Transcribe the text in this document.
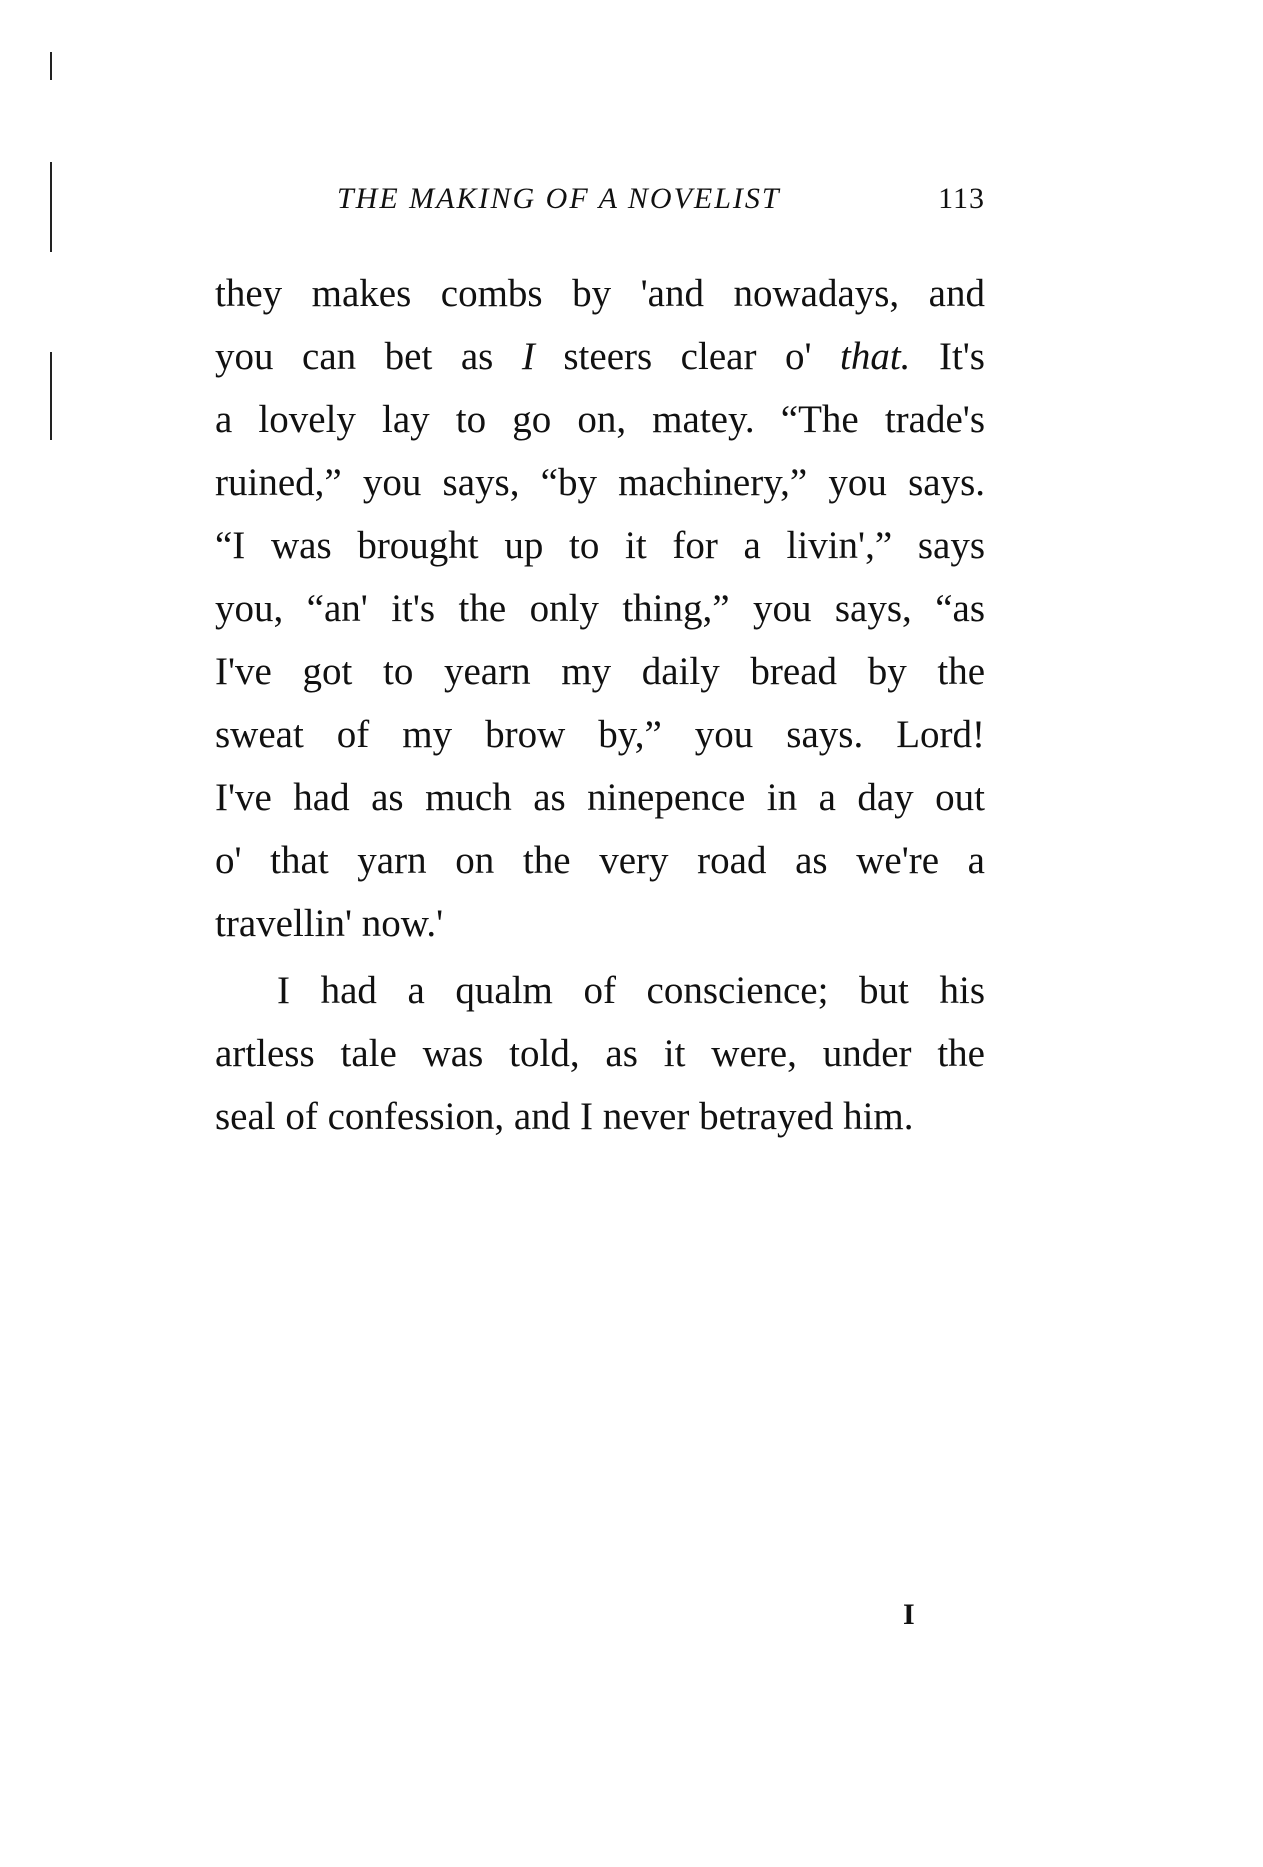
THE MAKING OF A NOVELIST	113
they makes combs by 'and nowadays, and
you can bet as I steers clear o' that. It's
a lovely lay to go on, matey. “The trade's
ruined,” you says, “by machinery,” you says.
“I was brought up to it for a livin',” says
you, “an' it's the only thing,” you says, “as
I've got to yearn my daily bread by the
sweat of my brow by,” you says. Lord!
I've had as much as ninepence in a day out
o' that yarn on the very road as we're a
travellin' now.'
I had a qualm of conscience; but his
artless tale was told, as it were, under the
seal of confession, and I never betrayed him.
I
